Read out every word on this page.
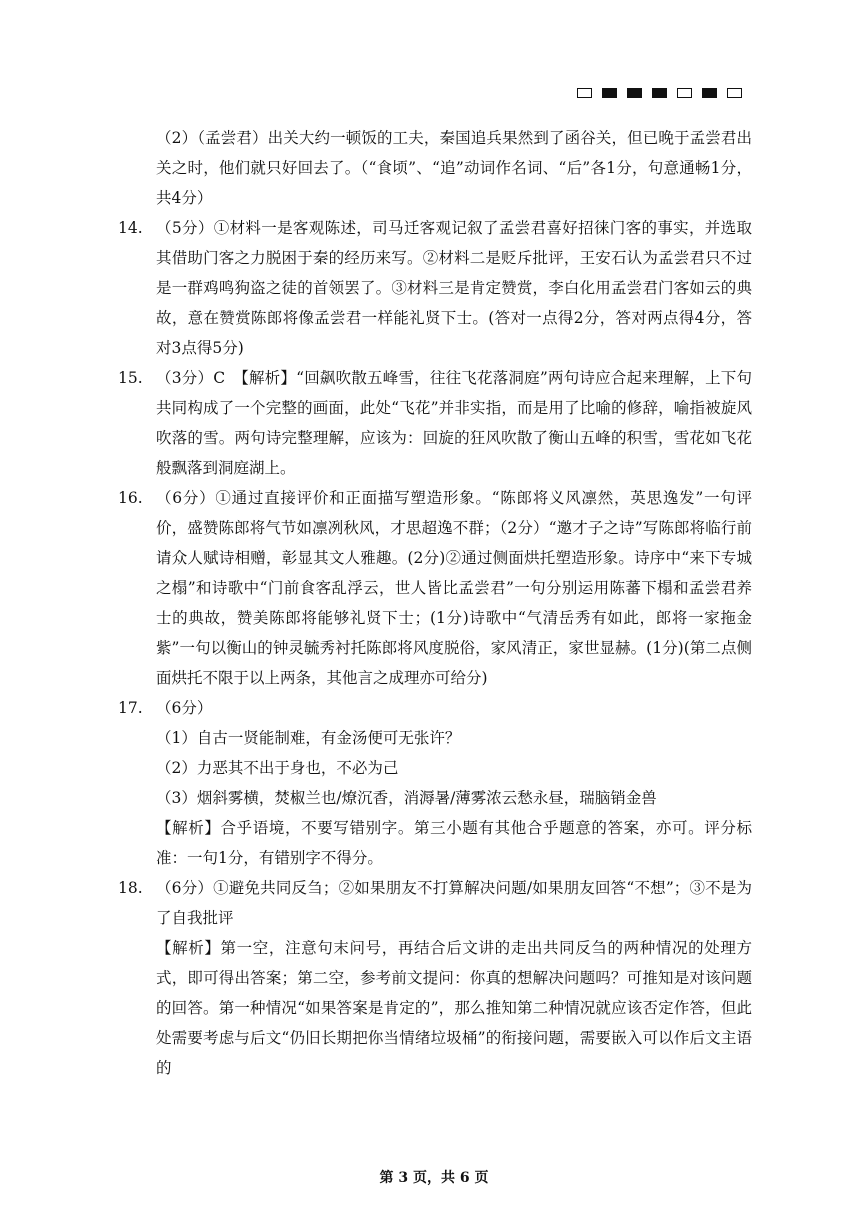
（2）（孟尝君）出关大约一顿饭的工夫，秦国追兵果然到了函谷关，但已晚于孟尝君出关之时，他们就只好回去了。（“食顷”、“追”动词作名词、“后”各1分，句意通畅1分，共4分）

14. （5分）①材料一是客观陈述，司马迁客观记叙了孟尝君喜好招徕门客的事实，并选取其借助门客之力脱困于秦的经历来写。②材料二是贬斥批评，王安石认为孟尝君只不过是一群鸡鸣狗盗之徒的首领罢了。③材料三是肯定赞赏，李白化用孟尝君门客如云的典故，意在赞赏陈郎将像孟尝君一样能礼贤下士。(答对一点得2分，答对两点得4分，答对3点得5分)

15. （3分）C　【解析】“回飙吹散五峰雪，往往飞花落洞庭”两句诗应合起来理解，上下句共同构成了一个完整的画面，此处“飞花”并非实指，而是用了比喻的修辞，喻指被旋风吹落的雪。两句诗完整理解，应该为：回旋的狂风吹散了衡山五峰的积雪，雪花如飞花般飘落到洞庭湖上。

16. （6分）①通过直接评价和正面描写塑造形象。“陈郎将义风凛然，英思逸发”一句评价，盛赞陈郎将气节如凛冽秋风，才思超逸不群；（2分）“邀才子之诗”写陈郎将临行前请众人赋诗相赠，彰显其文人雅趣。(2分)②通过侧面烘托塑造形象。诗序中“来下专城之榻”和诗歌中“门前食客乱浮云，世人皆比孟尝君”一句分别运用陈蕃下榻和孟尝君养士的典故，赞美陈郎将能够礼贤下士；(1分)诗歌中“气清岳秀有如此，郎将一家拖金紫”一句以衡山的钟灵毓秀衬托陈郎将风度脱俗，家风清正，家世显赫。(1分)(第二点侧面烘托不限于以上两条，其他言之成理亦可给分)

17. （6分）

（1）自古一贤能制难，有金汤便可无张许？

（2）力恶其不出于身也，不必为己

（3）烟斜雾横，焚椒兰也/燎沉香，消溽暑/薄雾浓云愁永昼，瑞脑销金兽

【解析】合乎语境，不要写错别字。第三小题有其他合乎题意的答案，亦可。评分标准：一句1分，有错别字不得分。

18. （6分）①避免共同反刍；②如果朋友不打算解决问题/如果朋友回答“不想”；③不是为了自我批评

【解析】第一空，注意句末问号，再结合后文讲的走出共同反刍的两种情况的处理方式，即可得出答案；第二空，参考前文提问：你真的想解决问题吗？可推知是对该问题的回答。第一种情况“如果答案是肯定的”，那么推知第二种情况就应该否定作答，但此处需要考虑与后文“仍旧长期把你当情绪垃圾桶”的衔接问题，需要嵌入可以作后文主语的

第 3 页，共 6 页
